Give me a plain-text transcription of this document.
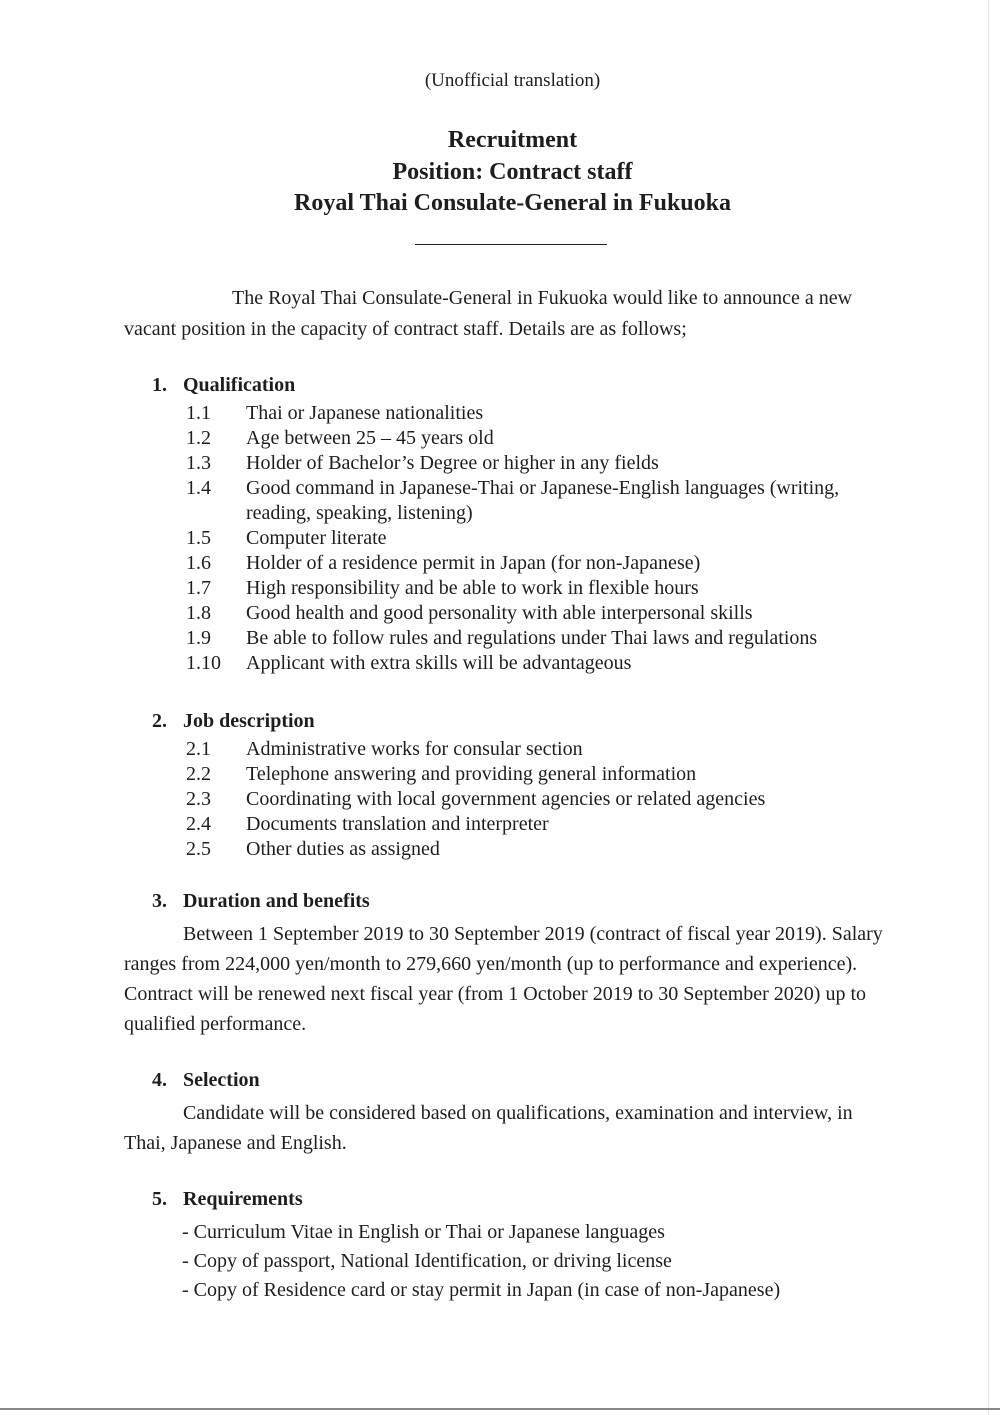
(Unofficial translation)
Recruitment
Position: Contract staff
Royal Thai Consulate-General in Fukuoka
The Royal Thai Consulate-General in Fukuoka would like to announce a new vacant position in the capacity of contract staff. Details are as follows;
1. Qualification
1.1	Thai or Japanese nationalities
1.2	Age between 25 – 45 years old
1.3	Holder of Bachelor’s Degree or higher in any fields
1.4	Good command in Japanese-Thai or Japanese-English languages (writing, reading, speaking, listening)
1.5	Computer literate
1.6	Holder of a residence permit in Japan (for non-Japanese)
1.7	High responsibility and be able to work in flexible hours
1.8	Good health and good personality with able interpersonal skills
1.9	Be able to follow rules and regulations under Thai laws and regulations
1.10	Applicant with extra skills will be advantageous
2. Job description
2.1	Administrative works for consular section
2.2	Telephone answering and providing general information
2.3	Coordinating with local government agencies or related agencies
2.4	Documents translation and interpreter
2.5	Other duties as assigned
3. Duration and benefits
Between 1 September 2019 to 30 September 2019 (contract of fiscal year 2019). Salary ranges from 224,000 yen/month to 279,660 yen/month (up to performance and experience). Contract will be renewed next fiscal year (from 1 October 2019 to 30 September 2020) up to qualified performance.
4. Selection
Candidate will be considered based on qualifications, examination and interview, in Thai, Japanese and English.
5. Requirements
- Curriculum Vitae in English or Thai or Japanese languages
- Copy of passport, National Identification, or driving license
- Copy of Residence card or stay permit in Japan (in case of non-Japanese)
